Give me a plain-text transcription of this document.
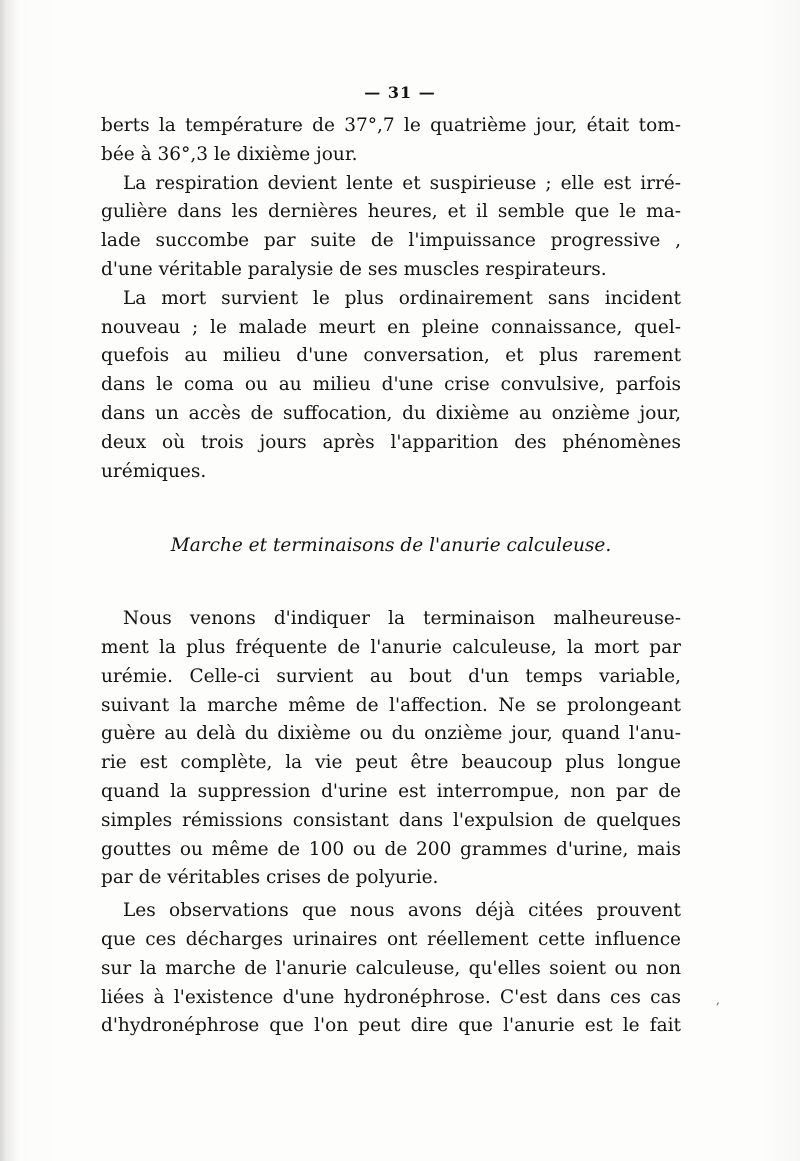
— 31 —
berts la température de 37°,7 le quatrième jour, était tom-
bée à 36°,3 le dixième jour.
La respiration devient lente et suspirieuse ; elle est irré-
gulière dans les dernières heures, et il semble que le ma-
lade succombe par suite de l'impuissance progressive ,
d'une véritable paralysie de ses muscles respirateurs.
La mort survient le plus ordinairement sans incident
nouveau ; le malade meurt en pleine connaissance, quel-
quefois au milieu d'une conversation, et plus rarement
dans le coma ou au milieu d'une crise convulsive, parfois
dans un accès de suffocation, du dixième au onzième jour,
deux où trois jours après l'apparition des phénomènes
urémiques.
Marche et terminaisons de l'anurie calculeuse.
Nous venons d'indiquer la terminaison malheureuse-
ment la plus fréquente de l'anurie calculeuse, la mort par
urémie. Celle-ci survient au bout d'un temps variable,
suivant la marche même de l'affection. Ne se prolongeant
guère au delà du dixième ou du onzième jour, quand l'anu-
rie est complète, la vie peut être beaucoup plus longue
quand la suppression d'urine est interrompue, non par de
simples rémissions consistant dans l'expulsion de quelques
gouttes ou même de 100 ou de 200 grammes d'urine, mais
par de véritables crises de polyurie.
Les observations que nous avons déjà citées prouvent
que ces décharges urinaires ont réellement cette influence
sur la marche de l'anurie calculeuse, qu'elles soient ou non
liées à l'existence d'une hydronéphrose. C'est dans ces cas
d'hydronéphrose que l'on peut dire que l'anurie est le fait
,
